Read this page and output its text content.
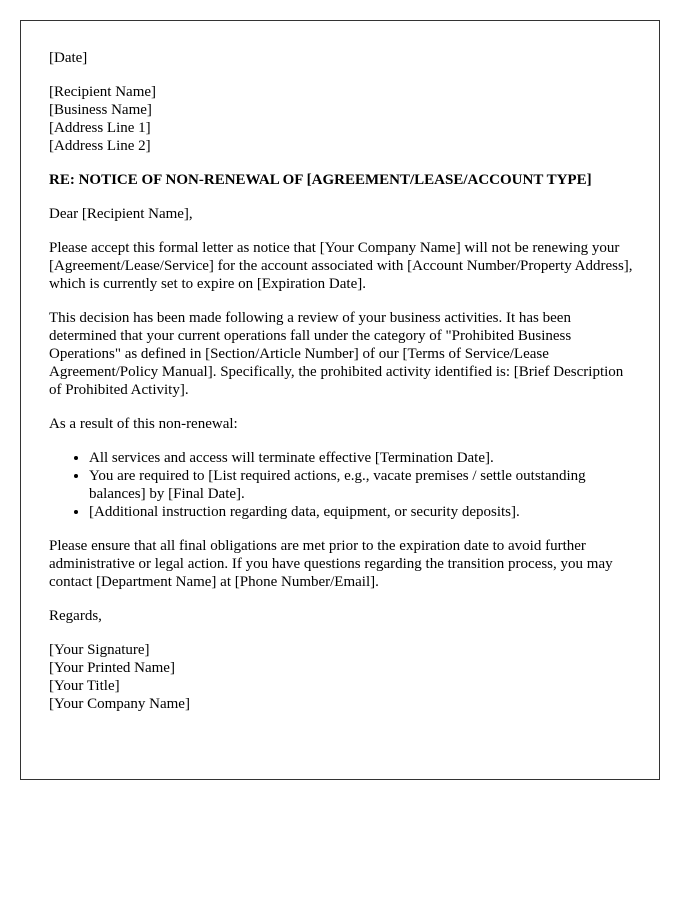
[Date]

[Recipient Name]
[Business Name]
[Address Line 1]
[Address Line 2]

RE: NOTICE OF NON-RENEWAL OF [AGREEMENT/LEASE/ACCOUNT TYPE]

Dear [Recipient Name],

Please accept this formal letter as notice that [Your Company Name] will not be renewing your [Agreement/Lease/Service] for the account associated with [Account Number/Property Address], which is currently set to expire on [Expiration Date].

This decision has been made following a review of your business activities. It has been determined that your current operations fall under the category of "Prohibited Business Operations" as defined in [Section/Article Number] of our [Terms of Service/Lease Agreement/Policy Manual]. Specifically, the prohibited activity identified is: [Brief Description of Prohibited Activity].

As a result of this non-renewal:

• All services and access will terminate effective [Termination Date].
• You are required to [List required actions, e.g., vacate premises / settle outstanding balances] by [Final Date].
• [Additional instruction regarding data, equipment, or security deposits].

Please ensure that all final obligations are met prior to the expiration date to avoid further administrative or legal action. If you have questions regarding the transition process, you may contact [Department Name] at [Phone Number/Email].

Regards,

[Your Signature]
[Your Printed Name]
[Your Title]
[Your Company Name]
